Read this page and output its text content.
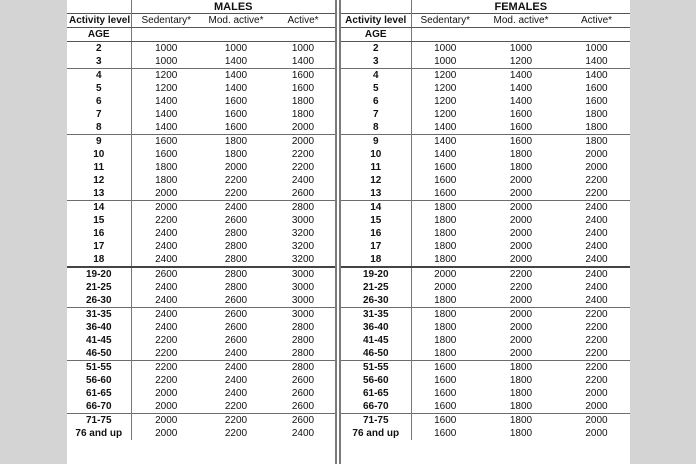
	MALES		
Activity level	Sedentary*	Mod. active*	Active*
AGE			
2	1000	1000	1000
3	1000	1400	1400
4	1200	1400	1600
5	1200	1400	1600
6	1400	1600	1800
7	1400	1600	1800
8	1400	1600	2000
9	1600	1800	2000
10	1600	1800	2200
11	1800	2000	2200
12	1800	2200	2400
13	2000	2200	2600
14	2000	2400	2800
15	2200	2600	3000
16	2400	2800	3200
17	2400	2800	3200
18	2400	2800	3200
19-20	2600	2800	3000
21-25	2400	2800	3000
26-30	2400	2600	3000
31-35	2400	2600	3000
36-40	2400	2600	2800
41-45	2200	2600	2800
46-50	2200	2400	2800
51-55	2200	2400	2800
56-60	2200	2400	2600
61-65	2000	2400	2600
66-70	2000	2200	2600
71-75	2000	2200	2600
76 and up	2000	2200	2400
	FEMALES		
Activity level	Sedentary*	Mod. active*	Active*
AGE			
2	1000	1000	1000
3	1000	1200	1400
4	1200	1400	1400
5	1200	1400	1600
6	1200	1400	1600
7	1200	1600	1800
8	1400	1600	1800
9	1400	1600	1800
10	1400	1800	2000
11	1600	1800	2000
12	1600	2000	2200
13	1600	2000	2200
14	1800	2000	2400
15	1800	2000	2400
16	1800	2000	2400
17	1800	2000	2400
18	1800	2000	2400
19-20	2000	2200	2400
21-25	2000	2200	2400
26-30	1800	2000	2400
31-35	1800	2000	2200
36-40	1800	2000	2200
41-45	1800	2000	2200
46-50	1800	2000	2200
51-55	1600	1800	2200
56-60	1600	1800	2200
61-65	1600	1800	2000
66-70	1600	1800	2000
71-75	1600	1800	2000
76 and up	1600	1800	2000
